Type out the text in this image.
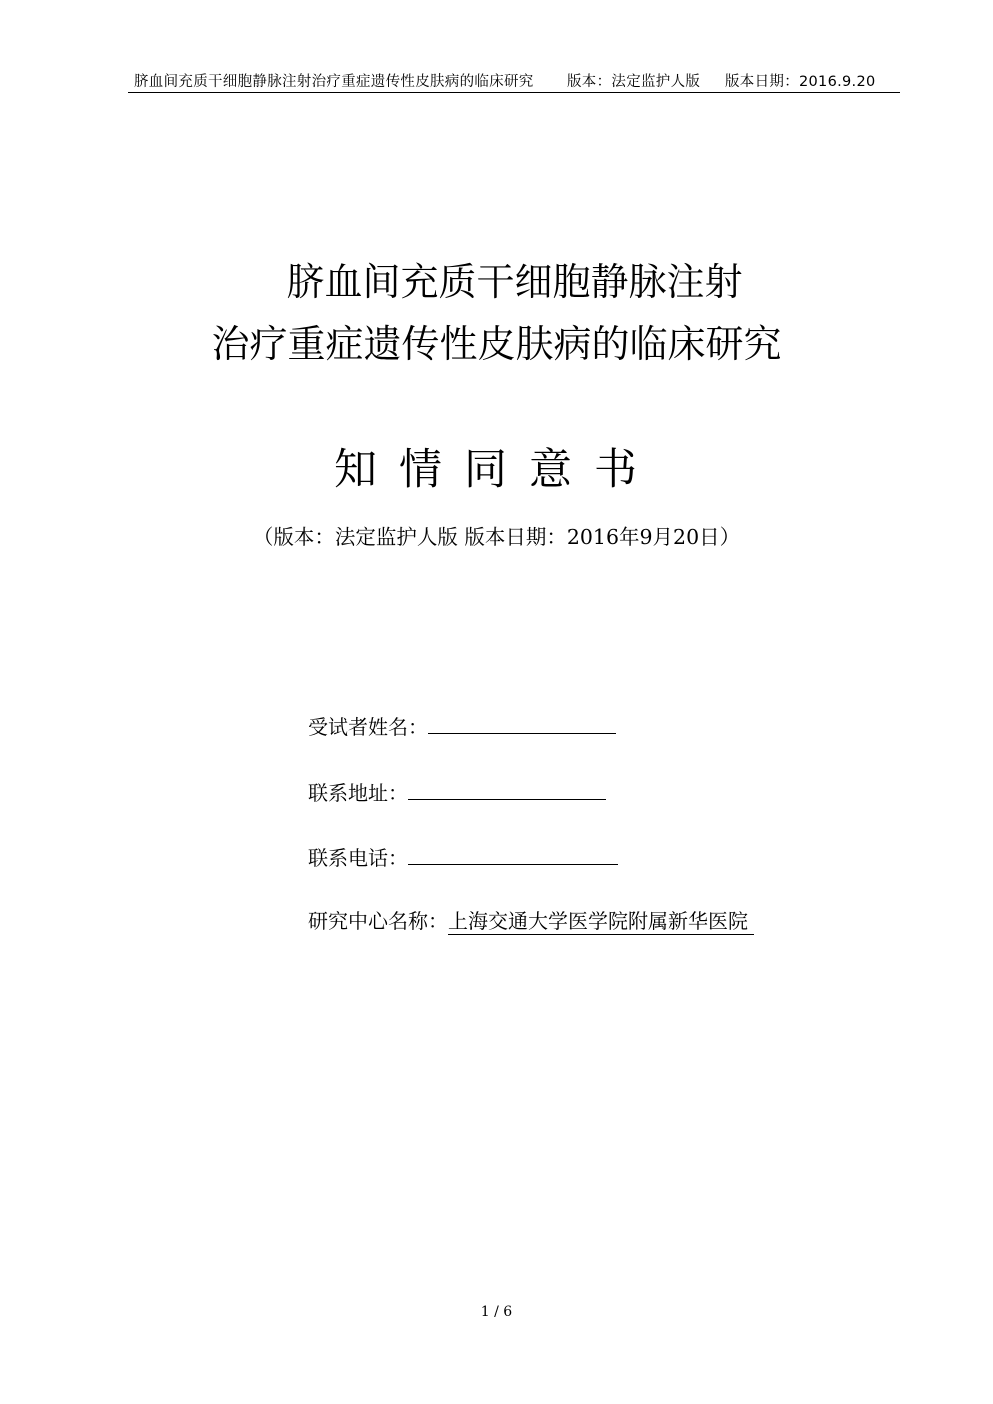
脐血间充质干细胞静脉注射治疗重症遗传性皮肤病的临床研究 版本：法定监护人版 版本日期：2016.9.20
脐血间充质干细胞静脉注射
治疗重症遗传性皮肤病的临床研究
知情同意书
（版本：法定监护人版 版本日期：2016年9月20日）
受试者姓名：
联系地址：
联系电话：
研究中心名称：上海交通大学医学院附属新华医院
1 / 6
